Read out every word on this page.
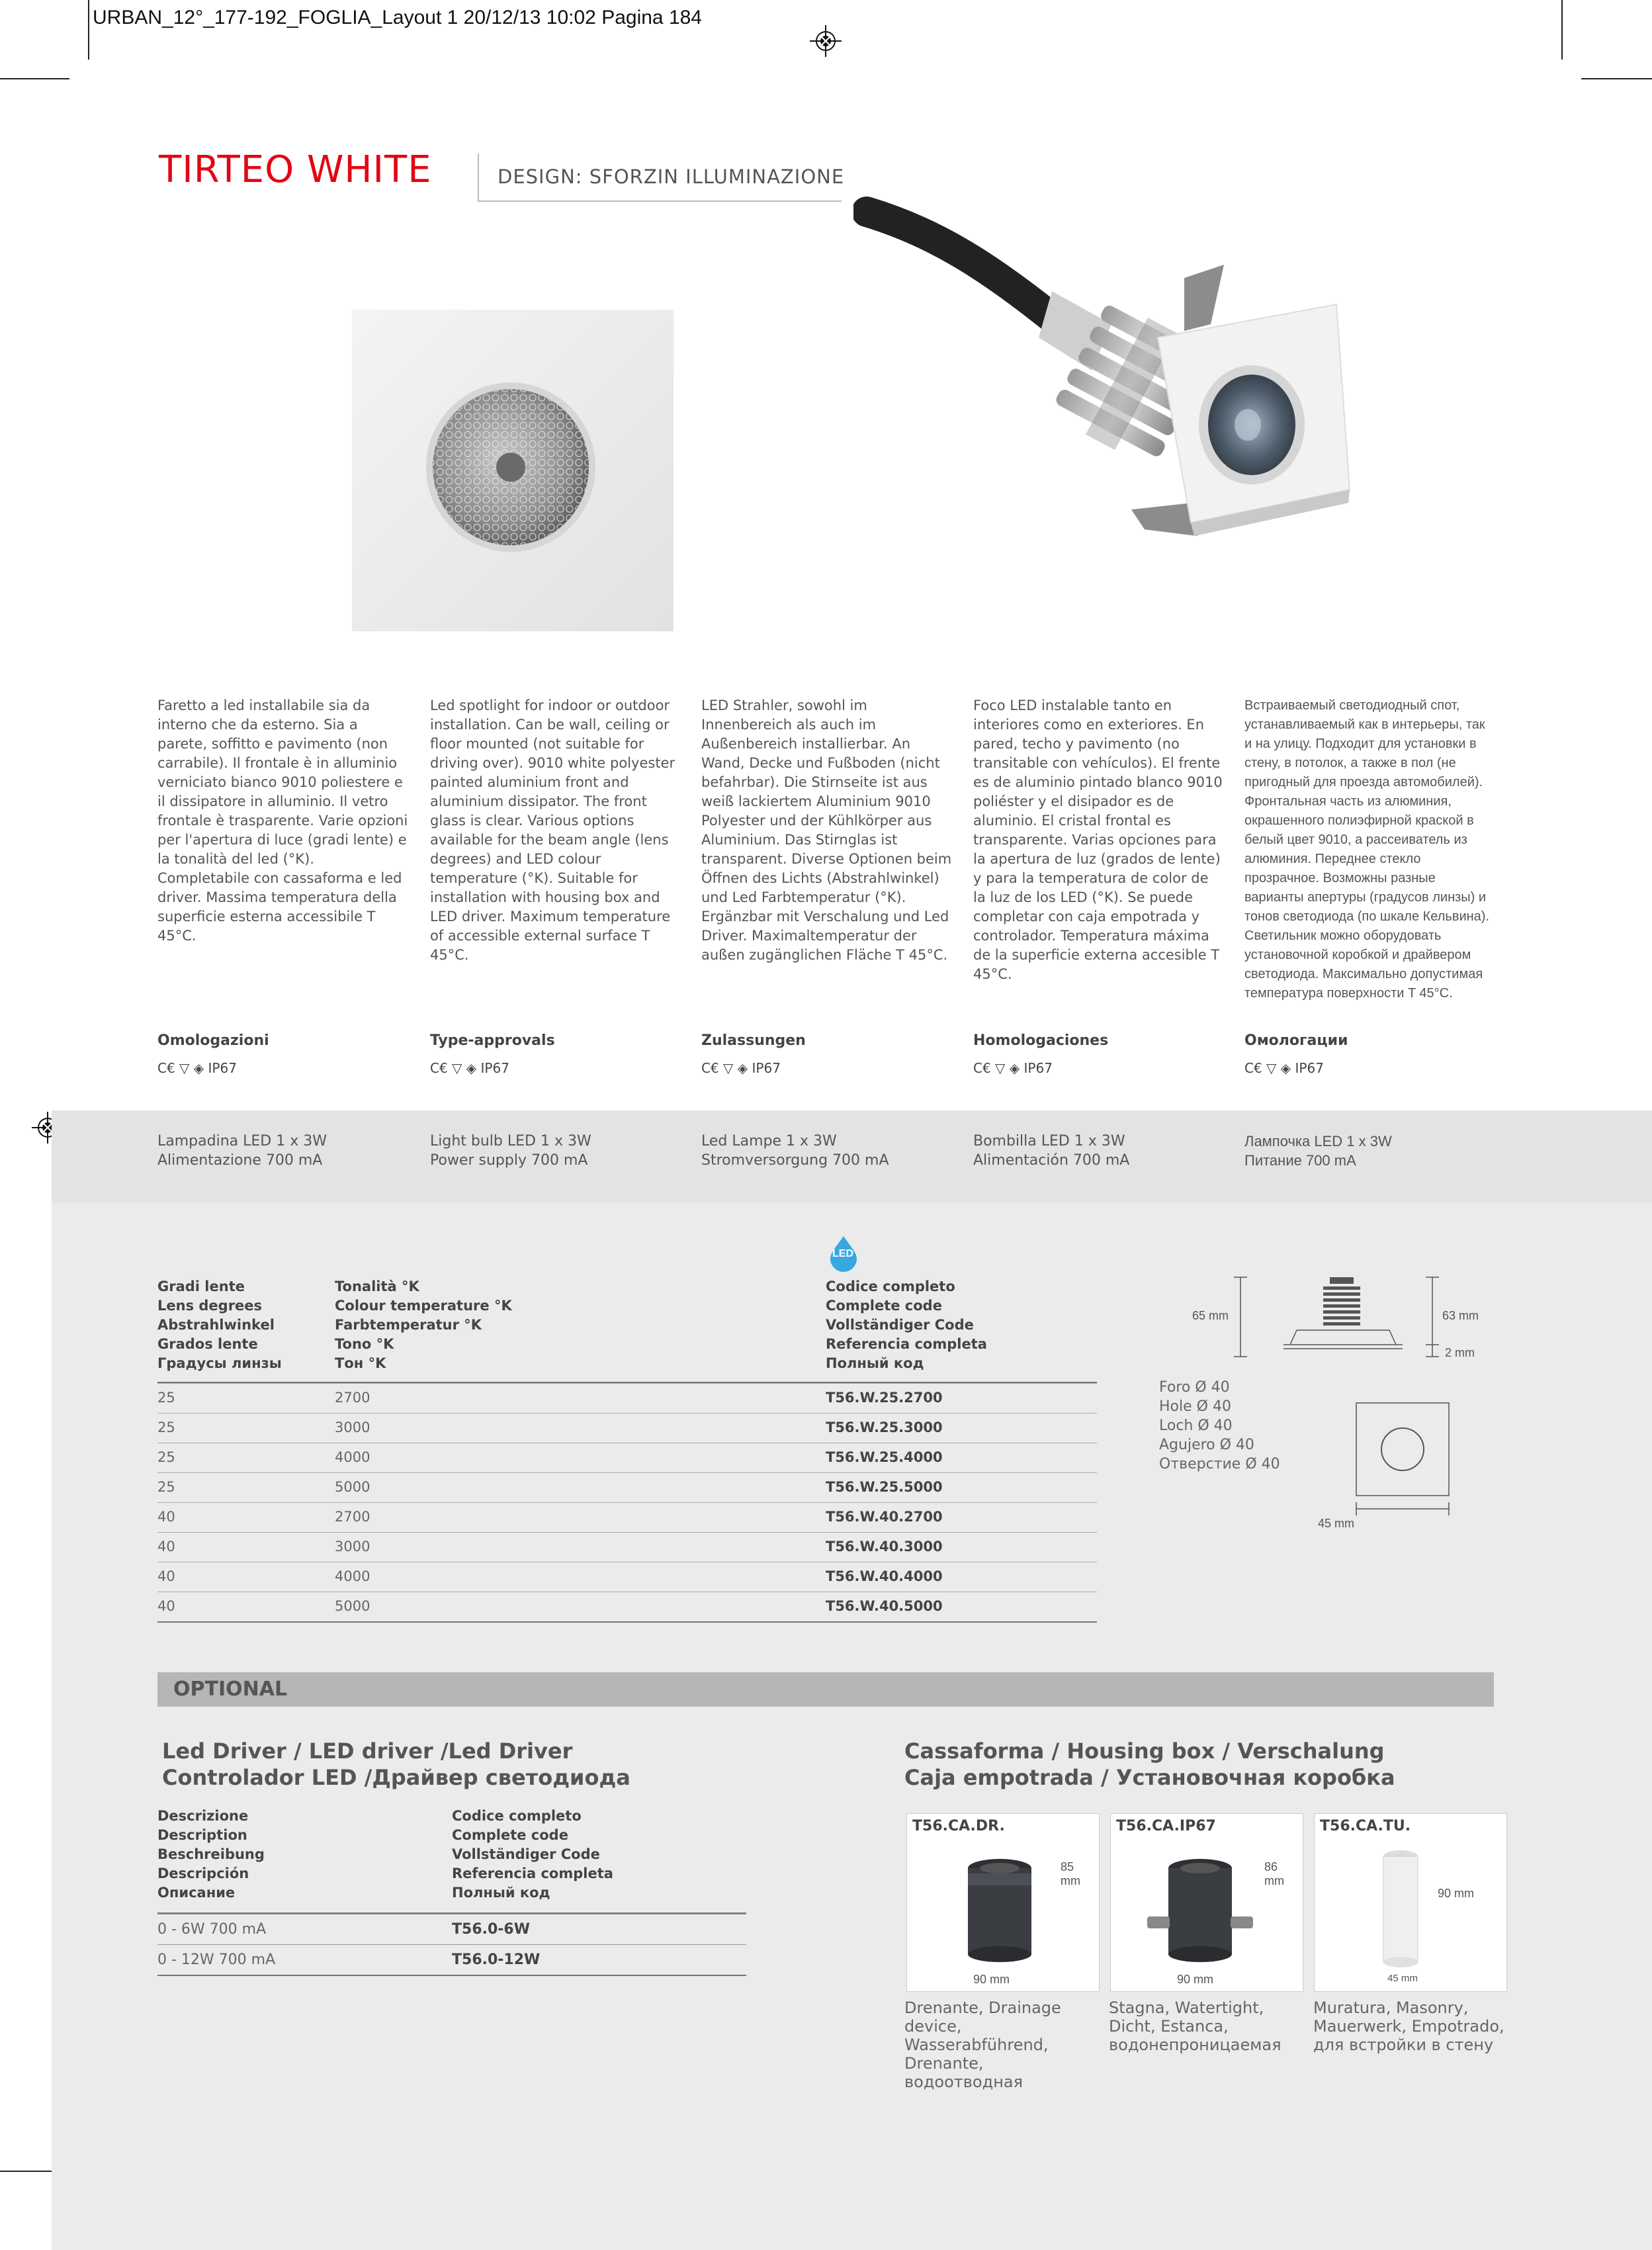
URBAN_12°_177-192_FOGLIA_Layout 1 20/12/13 10:02 Pagina 184
TIRTEO WHITE	DESIGN: SFORZIN ILLUMINAZIONE
Faretto a led installabile sia da interno che da esterno. Sia a parete, soffitto e pavimento (non carrabile). Il frontale è in alluminio verniciato bianco 9010 poliestere e il dissipatore in alluminio. Il vetro frontale è trasparente. Varie opzioni per l'apertura di luce (gradi lente) e la tonalità del led (°K). Completabile con cassaforma e led driver. Massima temperatura della superficie esterna accessibile T 45°C.
Led spotlight for indoor or outdoor installation. Can be wall, ceiling or floor mounted (not suitable for driving over). 9010 white polyester painted aluminium front and aluminium dissipator. The front glass is clear. Various options available for the beam angle (lens degrees) and LED colour temperature (°K). Suitable for installation with housing box and LED driver. Maximum temperature of accessible external surface T 45°C.
LED Strahler, sowohl im Innenbereich als auch im Außenbereich installierbar. An Wand, Decke und Fußboden (nicht befahrbar). Die Stirnseite ist aus weiß lackiertem Aluminium 9010 Polyester und der Kühlkörper aus Aluminium. Das Stirnglas ist transparent. Diverse Optionen beim Öffnen des Lichts (Abstrahlwinkel) und Led Farbtemperatur (°K). Ergänzbar mit Verschalung und Led Driver. Maximaltemperatur der außen zugänglichen Fläche T 45°C.
Foco LED instalable tanto en interiores como en exteriores. En pared, techo y pavimento (no transitable con vehículos). El frente es de aluminio pintado blanco 9010 poliéster y el disipador es de aluminio. El cristal frontal es transparente. Varias opciones para la apertura de luz (grados de lente) y para la temperatura de color de la luz de los LED (°K). Se puede completar con caja empotrada y controlador. Temperatura máxima de la superficie externa accesible T 45°C.
Встраиваемый светодиодный спот, устанавливаемый как в интерьеры, так и на улицу. Подходит для установки в стену, в потолок, а также в пол (не пригодный для проезда автомобилей). Фронтальная часть из алюминия, окрашенного полиэфирной краской в белый цвет 9010, а рассеиватель из алюминия. Переднее стекло прозрачное. Возможны разные варианты апертуры (градусов линзы) и тонов светодиода (по шкале Кельвина). Светильник можно оборудовать установочной коробкой и драйвером светодиода. Максимально допустимая температура поверхности T 45°C.
Omologazioni	Type-approvals	Zulassungen	Homologaciones	Омологации
C€ ▽ ◈ IP67	C€ ▽ ◈ IP67	C€ ▽ ◈ IP67	C€ ▽ ◈ IP67	C€ ▽ ◈ IP67
Lampadina LED 1 x 3W
Alimentazione 700 mA
Light bulb LED 1 x 3W
Power supply 700 mA
Led Lampe 1 x 3W
Stromversorgung 700 mA
Bombilla LED 1 x 3W
Alimentación 700 mA
Лампочка LED 1 x 3W
Питание 700 mA
LED
Gradi lente
Lens degrees
Abstrahlwinkel
Grados lente
Градусы линзы
Tonalità °K
Colour temperature °K
Farbtemperatur °K
Tono °K
Тон °K
Codice completo
Complete code
Vollständiger Code
Referencia completa
Полный код
25	2700	T56.W.25.2700
25	3000	T56.W.25.3000
25	4000	T56.W.25.4000
25	5000	T56.W.25.5000
40	2700	T56.W.40.2700
40	3000	T56.W.40.3000
40	4000	T56.W.40.4000
40	5000	T56.W.40.5000
65 mm	63 mm
2 mm
45 mm
Foro Ø 40
Hole Ø 40
Loch Ø 40
Agujero Ø 40
Отверстие Ø 40
OPTIONAL
Led Driver / LED driver /Led Driver
Controlador LED /Драйвер светодиода
Descrizione
Description
Beschreibung
Descripción
Описание
Codice completo
Complete code
Vollständiger Code
Referencia completa
Полный код
0 - 6W 700 mA	T56.0-6W
0 - 12W 700 mA	T56.0-12W
Cassaforma / Housing box / Verschalung
Caja empotrada / Установочная коробка
T56.CA.DR.
85
mm
90 mm
T56.CA.IP67
86
mm
90 mm
T56.CA.TU.
90 mm
45 mm
Drenante, Drainage
device, Wasserabführend,
Drenante, водоотводная
Stagna, Watertight,
Dicht, Estanca,
водонепроницаемая
Muratura, Masonry,
Mauerwerk, Empotrado,
для встройки в стену
